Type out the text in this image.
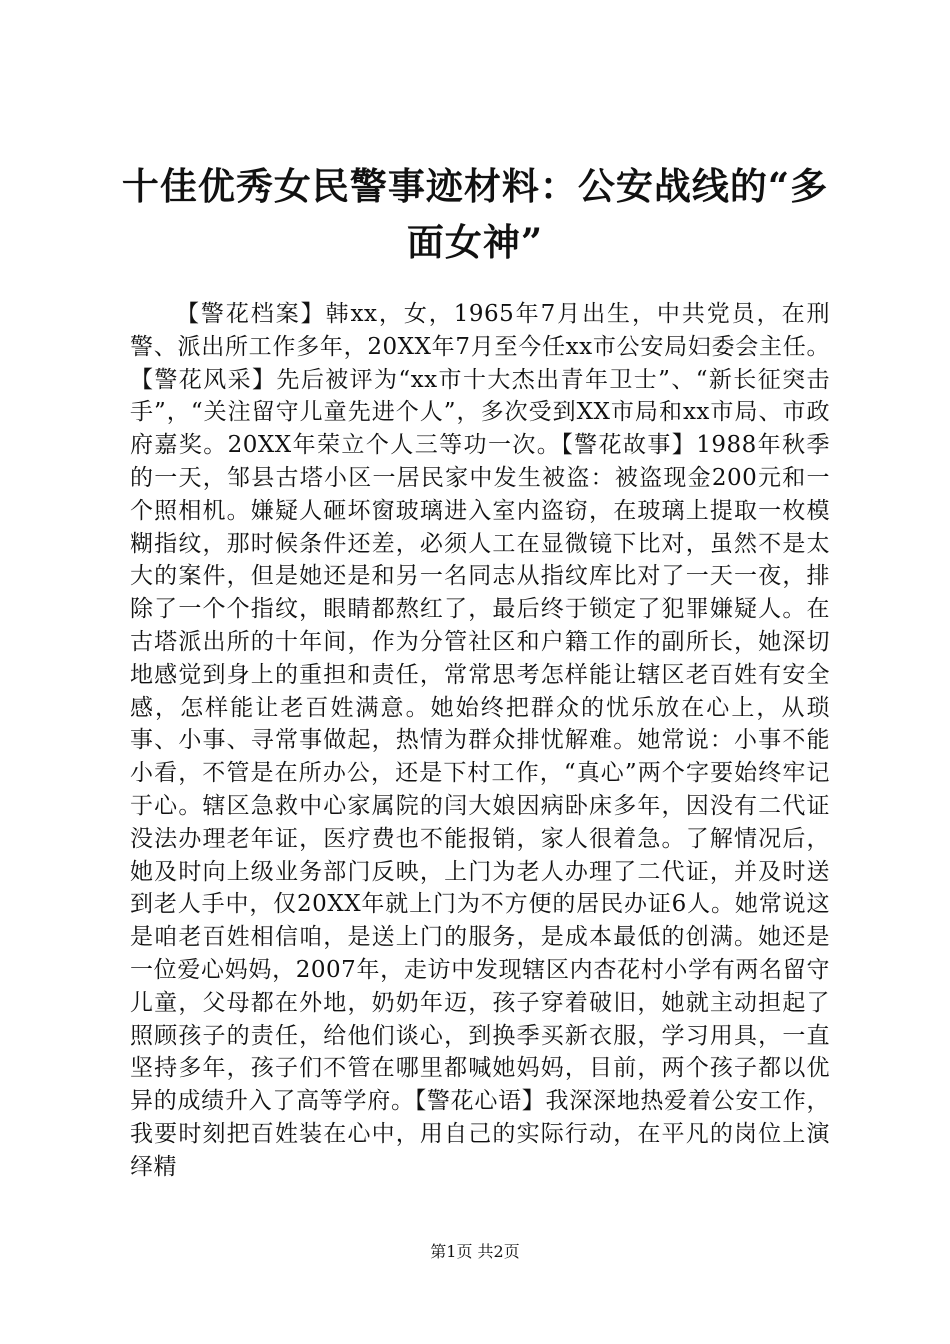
十佳优秀女民警事迹材料：公安战线的“多面女神”

【警花档案】韩xx，女，1965年7月出生，中共党员，在刑警、派出所工作多年，20XX年7月至今任xx市公安局妇委会主任。【警花风采】先后被评为“xx市十大杰出青年卫士”、“新长征突击手”，“关注留守儿童先进个人”，多次受到XX市局和xx市局、市政府嘉奖。20XX年荣立个人三等功一次。【警花故事】1988年秋季的一天，邹县古塔小区一居民家中发生被盗：被盗现金200元和一个照相机。嫌疑人砸坏窗玻璃进入室内盗窃，在玻璃上提取一枚模糊指纹，那时候条件还差，必须人工在显微镜下比对，虽然不是太大的案件，但是她还是和另一名同志从指纹库比对了一天一夜，排除了一个个指纹，眼睛都熬红了，最后终于锁定了犯罪嫌疑人。在古塔派出所的十年间，作为分管社区和户籍工作的副所长，她深切地感觉到身上的重担和责任，常常思考怎样能让辖区老百姓有安全感，怎样能让老百姓满意。她始终把群众的忧乐放在心上，从琐事、小事、寻常事做起，热情为群众排忧解难。她常说：小事不能小看，不管是在所办公，还是下村工作，“真心”两个字要始终牢记于心。辖区急救中心家属院的闫大娘因病卧床多年，因没有二代证没法办理老年证，医疗费也不能报销，家人很着急。了解情况后，她及时向上级业务部门反映，上门为老人办理了二代证，并及时送到老人手中，仅20XX年就上门为不方便的居民办证6人。她常说这是咱老百姓相信咱，是送上门的服务，是成本最低的创满。她还是一位爱心妈妈，2007年，走访中发现辖区内杏花村小学有两名留守儿童，父母都在外地，奶奶年迈，孩子穿着破旧，她就主动担起了照顾孩子的责任，给他们谈心，到换季买新衣服，学习用具，一直坚持多年，孩子们不管在哪里都喊她妈妈，目前，两个孩子都以优异的成绩升入了高等学府。【警花心语】我深深地热爱着公安工作，我要时刻把百姓装在心中，用自己的实际行动，在平凡的岗位上演绎精

第1页 共2页
